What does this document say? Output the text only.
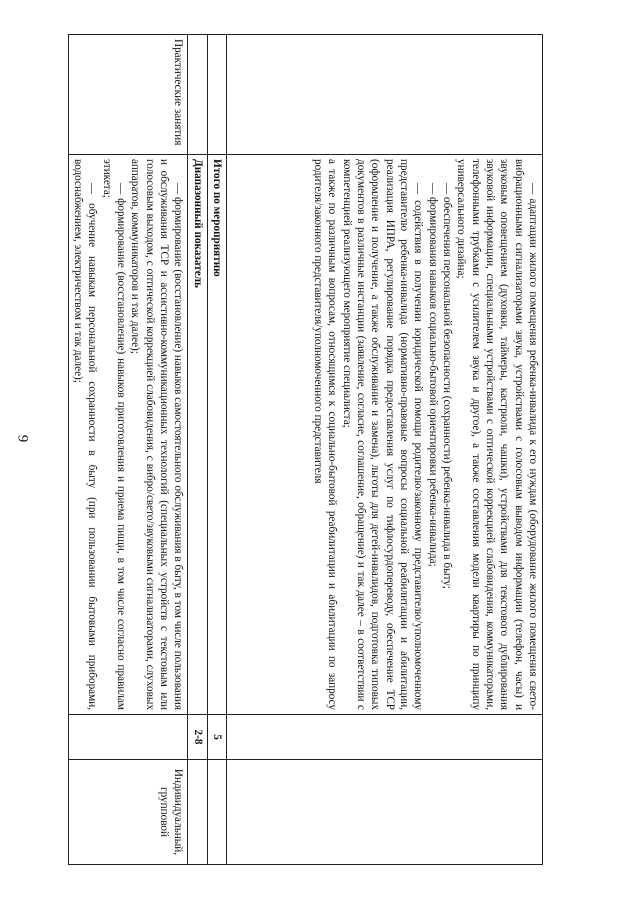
9

	— адаптации жилого помещения ребенка-инвалида к его нуждам (оборудование жилого помещения свето-вибрационными сигнализаторами звука, устройствами с голосовым выводом информации (телефон, часы) и звуковым оповещением (духовки, таймеры, кастрюли, чашки), устройствами для текстового дублирования звуковой информации, специальными устройствами с оптической коррекцией слабовидения, коммуникаторами, телефонными трубками с усилителем звука и другое), а также составления модели квартиры по принципу универсального дизайна;

— обеспечения персональной безопасности (сохранности) ребенка-инвалида в быту;

— формирования навыков социально-бытовой ориентировки ребенка-инвалида;

— содействия в получении юридической помощи родителю/законному представителю/уполномоченному представителю ребенка-инвалида (нормативно-правовые вопросы социальной реабилитации и абилитации, реализация ИПРА, регулирование порядка предоставления услуг по тифлосурдопереводу, обеспечение ТСР (оформление и получение, а также обслуживание и замена), льготы для детей-инвалидов, подготовка типовых документов в различные инстанции (заявление, согласие, соглашение, обращение) и так далее – в соответствии с компетенцией реализующего мероприятие специалиста;

а также по различным вопросам, относящимся к социально-бытовой реабилитации и абилитации по запросу родителя/законного представителя/уполномоченного представителя		

	Итого по мероприятию	5	
	Диапазонный показатель	2-8	
Практические занятия	— формирование (восстановление) навыков самостоятельного обслуживания в быту, в том числе пользования и обслуживания ТСР и ассистивно-коммуникационных технологий (специальных устройств с текстовым или голосовым выходом, с оптической коррекцией слабовидения, с вибро/свето/звуковыми сигнализаторами, слуховых аппаратов, коммуникаторов и так далее);

— формирование (восстановление) навыков приготовления и приема пищи, в том числе согласно правилам этикета;

— обучение навыкам персональной сохранности в быту (при пользовании бытовыми приборами, водоснабжением, электричеством и так далее);		Индивидуальный, групповой
